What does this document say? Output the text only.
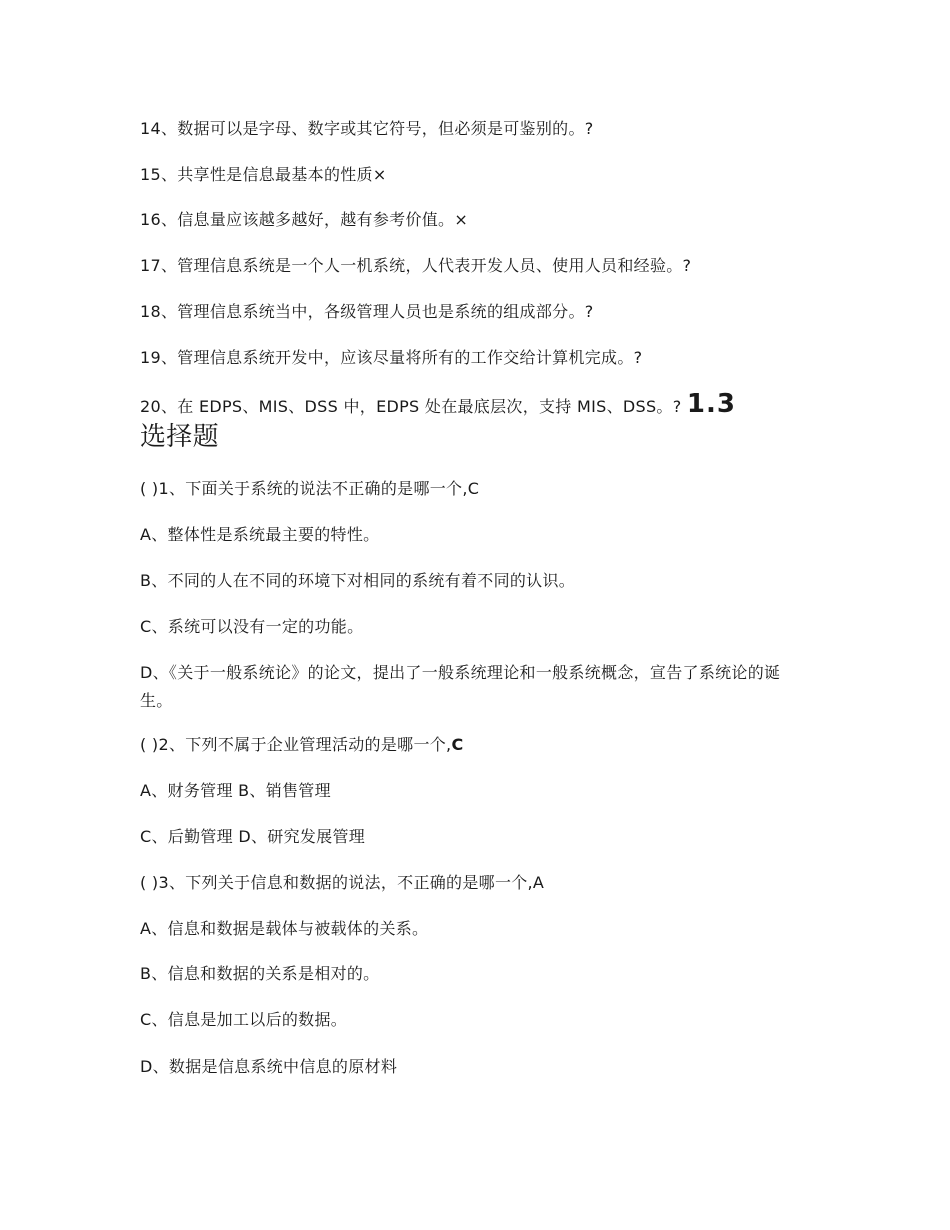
14、数据可以是字母、数字或其它符号，但必须是可鉴别的。?
15、共享性是信息最基本的性质×
16、信息量应该越多越好，越有参考价值。×
17、管理信息系统是一个人一机系统，人代表开发人员、使用人员和经验。?
18、管理信息系统当中，各级管理人员也是系统的组成部分。?
19、管理信息系统开发中，应该尽量将所有的工作交给计算机完成。?
20、在 EDPS、MIS、DSS 中，EDPS 处在最底层次，支持 MIS、DSS。? 1.3
选择题
( )1、下面关于系统的说法不正确的是哪一个,C
A、整体性是系统最主要的特性。
B、不同的人在不同的环境下对相同的系统有着不同的认识。
C、系统可以没有一定的功能。
D、《关于一般系统论》的论文，提出了一般系统理论和一般系统概念，宣告了系统论的诞生。
( )2、下列不属于企业管理活动的是哪一个,C
A、财务管理 B、销售管理
C、后勤管理 D、研究发展管理
( )3、下列关于信息和数据的说法，不正确的是哪一个,A
A、信息和数据是载体与被载体的关系。
B、信息和数据的关系是相对的。
C、信息是加工以后的数据。
D、数据是信息系统中信息的原材料
